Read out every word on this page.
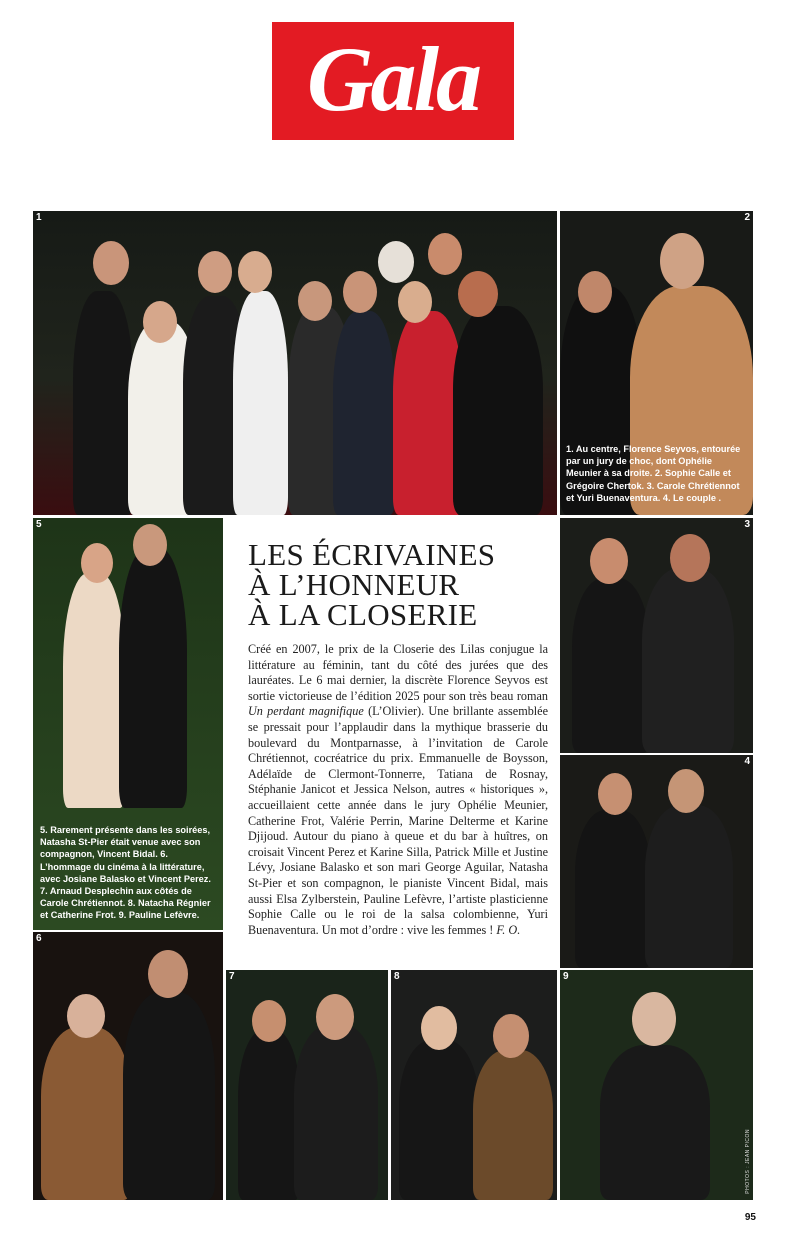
Gala
1	2
1. Au centre, Florence Seyvos, entourée par un jury de choc, dont Ophélie Meunier à sa droite. 2. Sophie Calle et Grégoire Chertok. 3. Carole Chrétiennot et Yuri Buenaventura. 4. Le couple .
5
5. Rarement présente dans les soirées, Natasha St-Pier était venue avec son compagnon, Vincent Bidal. 6. L’hommage du cinéma à la littérature, avec Josiane Balasko et Vincent Perez. 7. Arnaud Desplechin aux côtés de Carole Chrétiennot. 8. Natacha Régnier et Catherine Frot. 9. Pauline Lefèvre.
3
4
6
7	8	9
PHOTOS : JEAN PICON
LES ÉCRIVAINES
À L’HONNEUR
À LA CLOSERIE
Créé en 2007, le prix de la Closerie des Lilas conjugue la littérature au féminin, tant du côté des jurées que des lauréates. Le 6 mai dernier, la discrète Florence Seyvos est sortie victorieuse de l’édition 2025 pour son très beau roman Un perdant magnifique (L’Olivier). Une brillante assemblée se pressait pour l’applaudir dans la mythique brasserie du boulevard du Montparnasse, à l’invitation de Carole Chrétiennot, cocréatrice du prix. Emmanuelle de Boysson, Adélaïde de Clermont-Tonnerre, Tatiana de Rosnay, Stéphanie Janicot et Jessica Nelson, autres « historiques », accueillaient cette année dans le jury Ophélie Meunier, Catherine Frot, Valérie Perrin, Marine Delterme et Karine Djijoud. Autour du piano à queue et du bar à huîtres, on croisait Vincent Perez et Karine Silla, Patrick Mille et Justine Lévy, Josiane Balasko et son mari George Aguilar, Natasha St-Pier et son compagnon, le pianiste Vincent Bidal, mais aussi Elsa Zylberstein, Pauline Lefèvre, l’artiste plasticienne Sophie Calle ou le roi de la salsa colombienne, Yuri Buenaventura. Un mot d’ordre : vive les femmes ! F. O.
95
